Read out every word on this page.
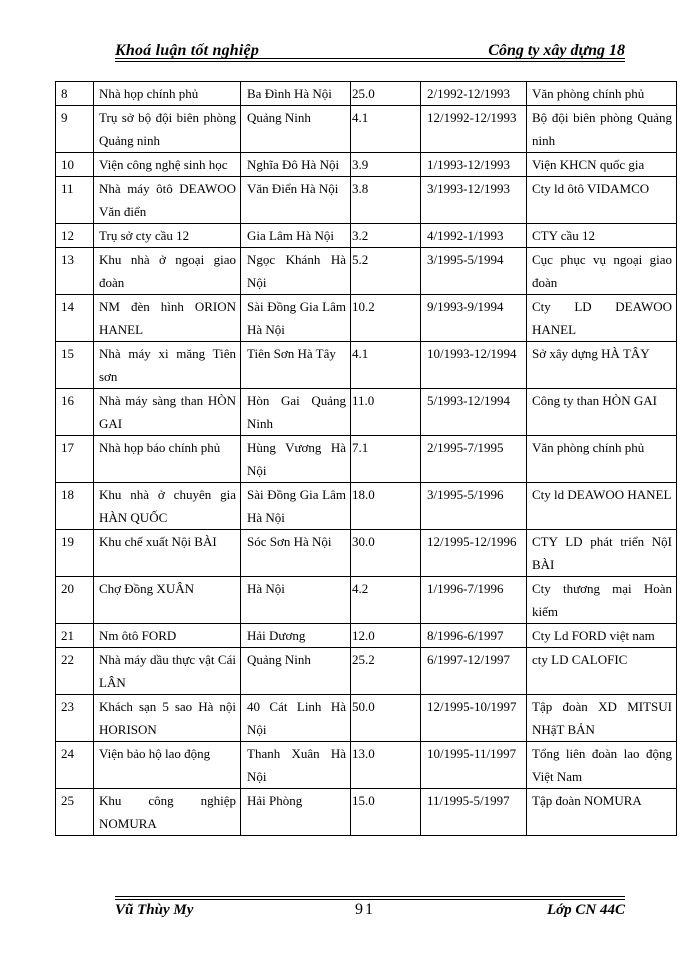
Khoá luận tốt nghiệp	Công ty xây dựng 18
8	Nhà họp chính phủ	Ba Đình Hà Nội	25.0	2/1992-12/1993	Văn phòng chính phủ
9	Trụ sở bộ đội biên phòng Quảng ninh	Quảng Ninh	4.1	12/1992-12/1993	Bộ đội biên phòng Quảng ninh
10	Viện công nghệ sinh học	Nghĩa Đô Hà Nội	3.9	1/1993-12/1993	Viện KHCN quốc gia
11	Nhà máy ôtô DEAWOO Văn điển	Văn Điển Hà Nội	3.8	3/1993-12/1993	Cty ld ôtô VIDAMCO
12	Trụ sở cty cầu 12	Gia Lâm Hà Nội	3.2	4/1992-1/1993	CTY cầu 12
13	Khu nhà ở ngoại giao đoàn	Ngọc Khánh Hà Nội	5.2	3/1995-5/1994	Cục phục vụ ngoại giao đoàn
14	NM đèn hình ORION HANEL	Sài Đồng Gia Lâm Hà Nội	10.2	9/1993-9/1994	Cty LD DEAWOO HANEL
15	Nhà máy xi măng Tiên sơn	Tiên Sơn Hà Tây	4.1	10/1993-12/1994	Sở xây dựng HÀ TÂY
16	Nhà máy sàng than HÒN GAI	Hòn Gai Quảng Ninh	11.0	5/1993-12/1994	Công ty than HÒN GAI
17	Nhà họp báo chính phủ	Hùng Vương Hà Nội	7.1	2/1995-7/1995	Văn phòng chính phủ
18	Khu nhà ở chuyên gia HÀN QUỐC	Sài Đồng Gia Lâm Hà Nội	18.0	3/1995-5/1996	Cty ld DEAWOO HANEL
19	Khu chế xuất Nội BÀI	Sóc Sơn Hà Nội	30.0	12/1995-12/1996	CTY LD phát triển NộI BÀI
20	Chợ Đồng XUÂN	Hà Nội	4.2	1/1996-7/1996	Cty thương mại Hoàn kiếm
21	Nm ôtô FORD	Hải Dương	12.0	8/1996-6/1997	Cty Ld FORD việt nam
22	Nhà máy dầu thực vật Cái LÂN	Quảng Ninh	25.2	6/1997-12/1997	cty LD CALOFIC
23	Khách sạn 5 sao Hà nội HORISON	40 Cát Linh Hà Nội	50.0	12/1995-10/1997	Tập đoàn XD MITSUI NHậT BẢN
24	Viện bảo hộ lao động	Thanh Xuân Hà Nội	13.0	10/1995-11/1997	Tổng liên đoàn lao động Việt Nam
25	Khu công nghiệp NOMURA	Hải Phòng	15.0	11/1995-5/1997	Tập đoàn NOMURA
Vũ Thùy My	91	Lớp CN 44C
